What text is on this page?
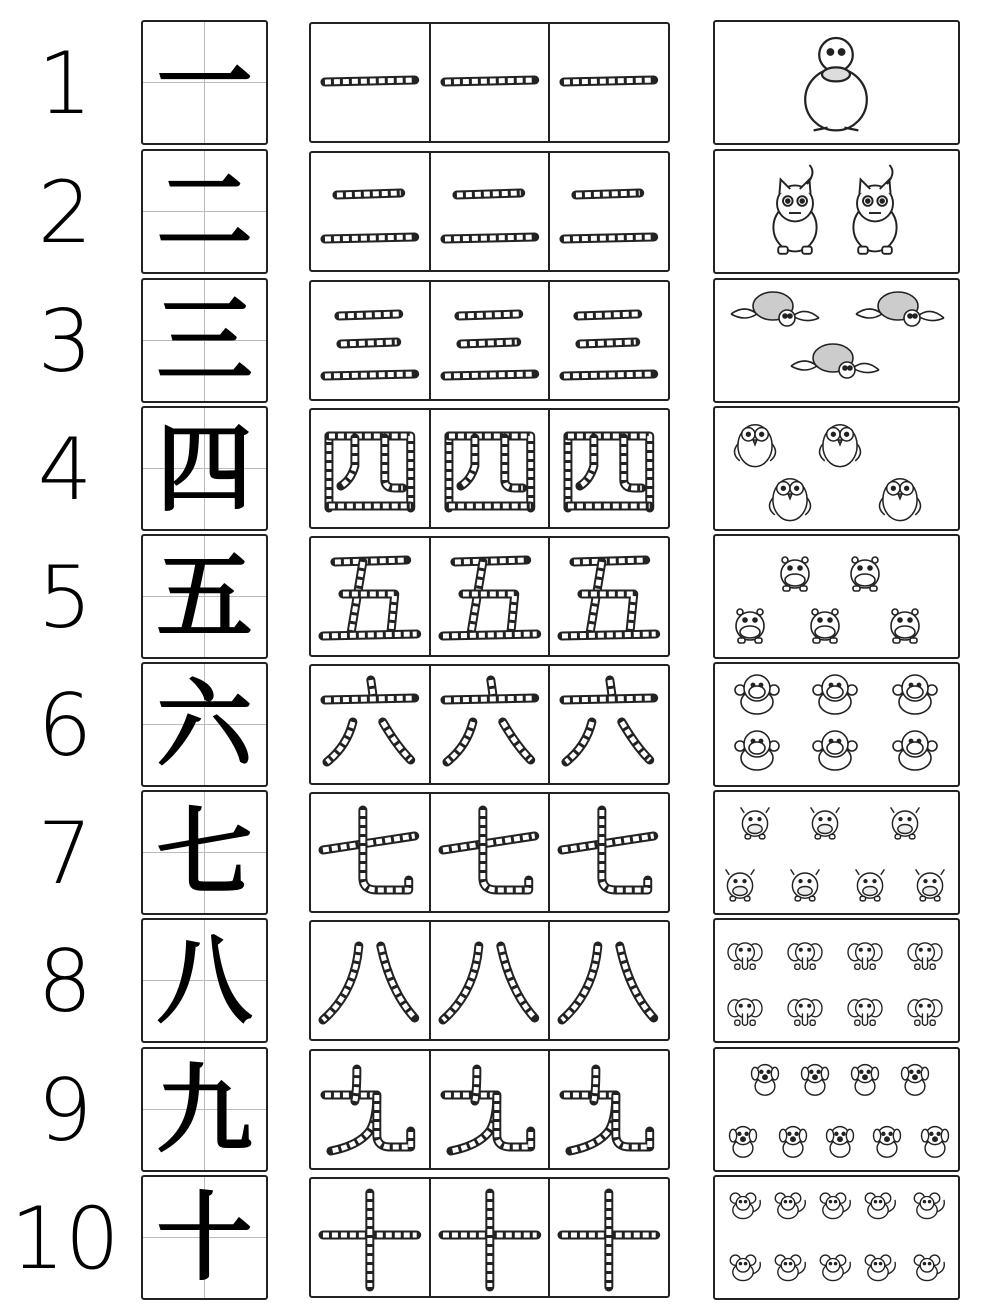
1 一
2 二
3 三
4 四
5 五
6 六
7 七
8 八
9 九
10 十
